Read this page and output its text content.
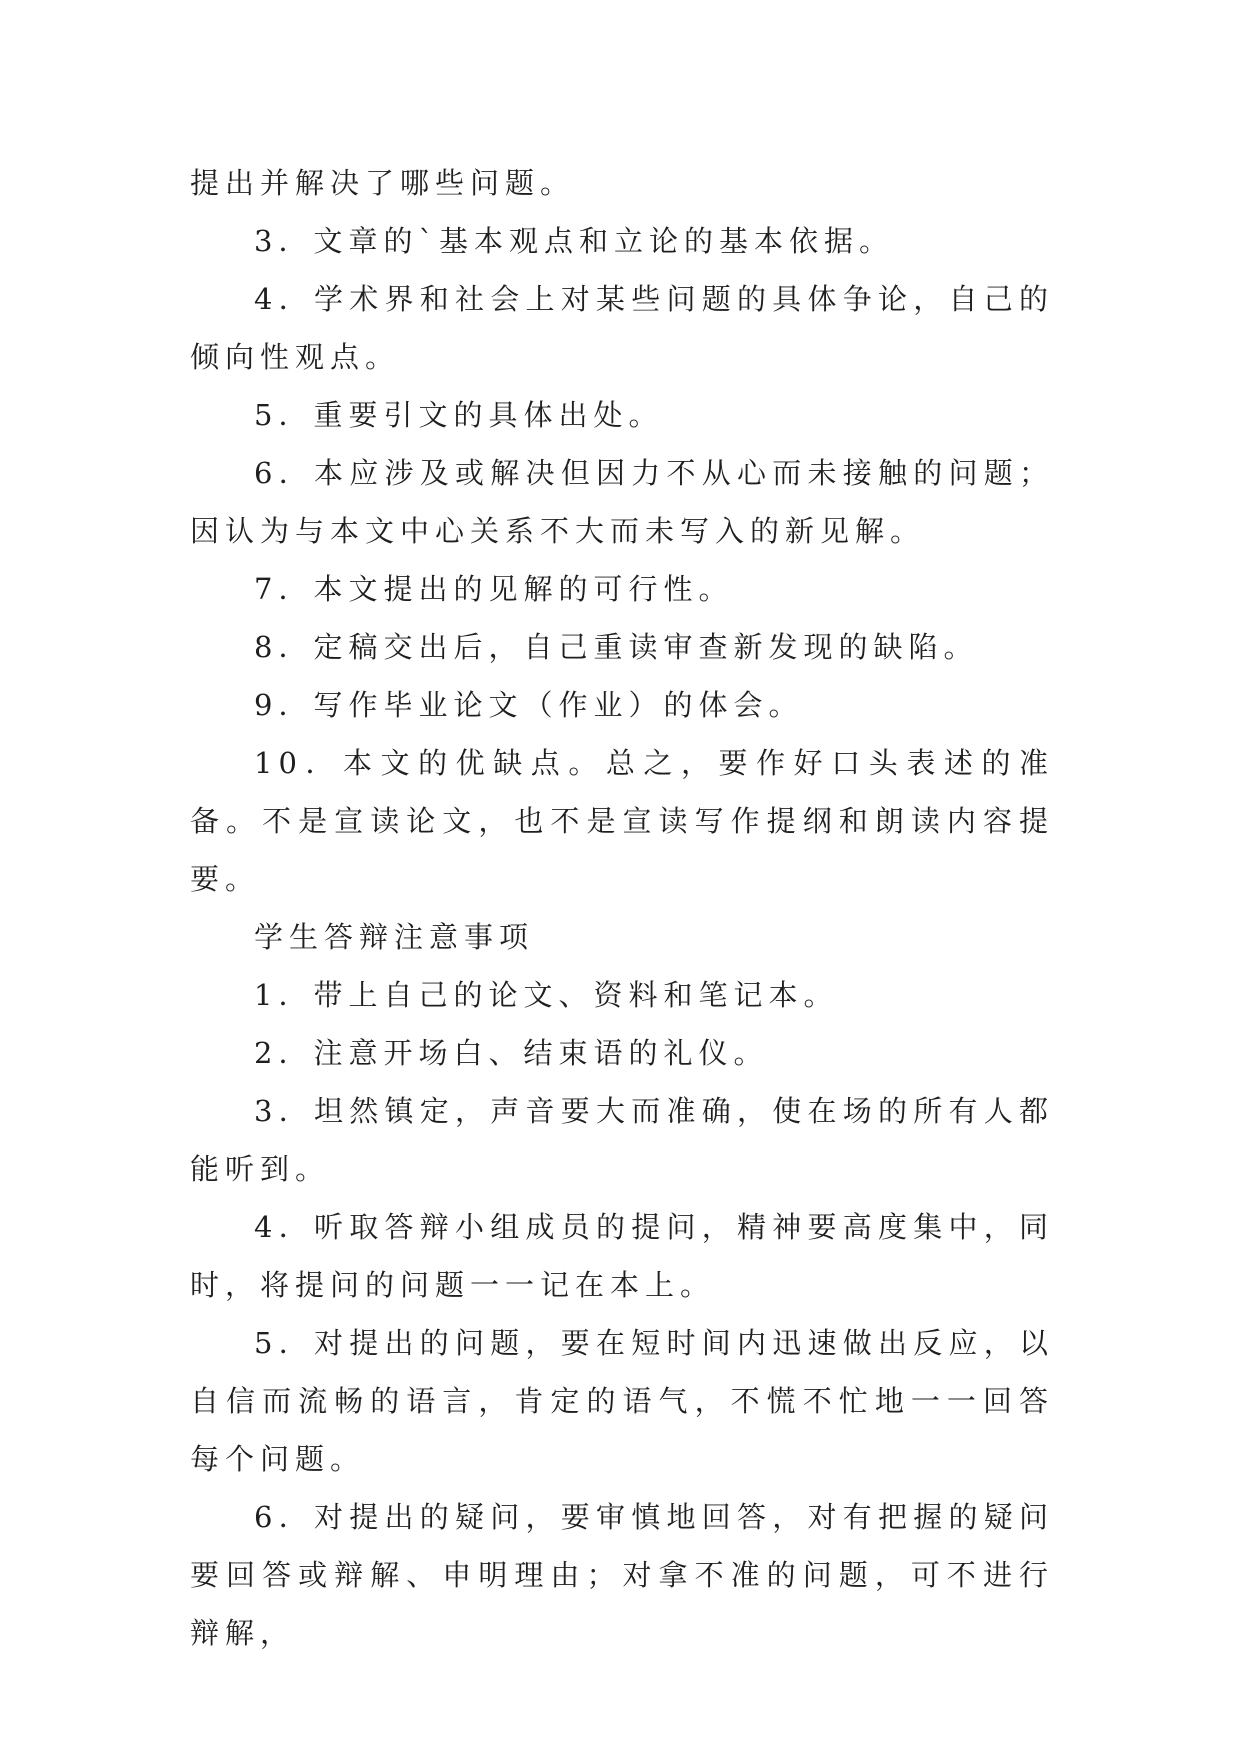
提出并解决了哪些问题。

3．文章的`基本观点和立论的基本依据。

4．学术界和社会上对某些问题的具体争论，自己的倾向性观点。

5．重要引文的具体出处。

6．本应涉及或解决但因力不从心而未接触的问题；因认为与本文中心关系不大而未写入的新见解。

7．本文提出的见解的可行性。

8．定稿交出后，自己重读审查新发现的缺陷。

9．写作毕业论文（作业）的体会。

10．本文的优缺点。总之，要作好口头表述的准备。不是宣读论文，也不是宣读写作提纲和朗读内容提要。

学生答辩注意事项

1．带上自己的论文、资料和笔记本。

2．注意开场白、结束语的礼仪。

3．坦然镇定，声音要大而准确，使在场的所有人都能听到。

4．听取答辩小组成员的提问，精神要高度集中，同时，将提问的问题一一记在本上。

5．对提出的问题，要在短时间内迅速做出反应，以自信而流畅的语言，肯定的语气，不慌不忙地一一回答每个问题。

6．对提出的疑问，要审慎地回答，对有把握的疑问要回答或辩解、申明理由；对拿不准的问题，可不进行辩解，
